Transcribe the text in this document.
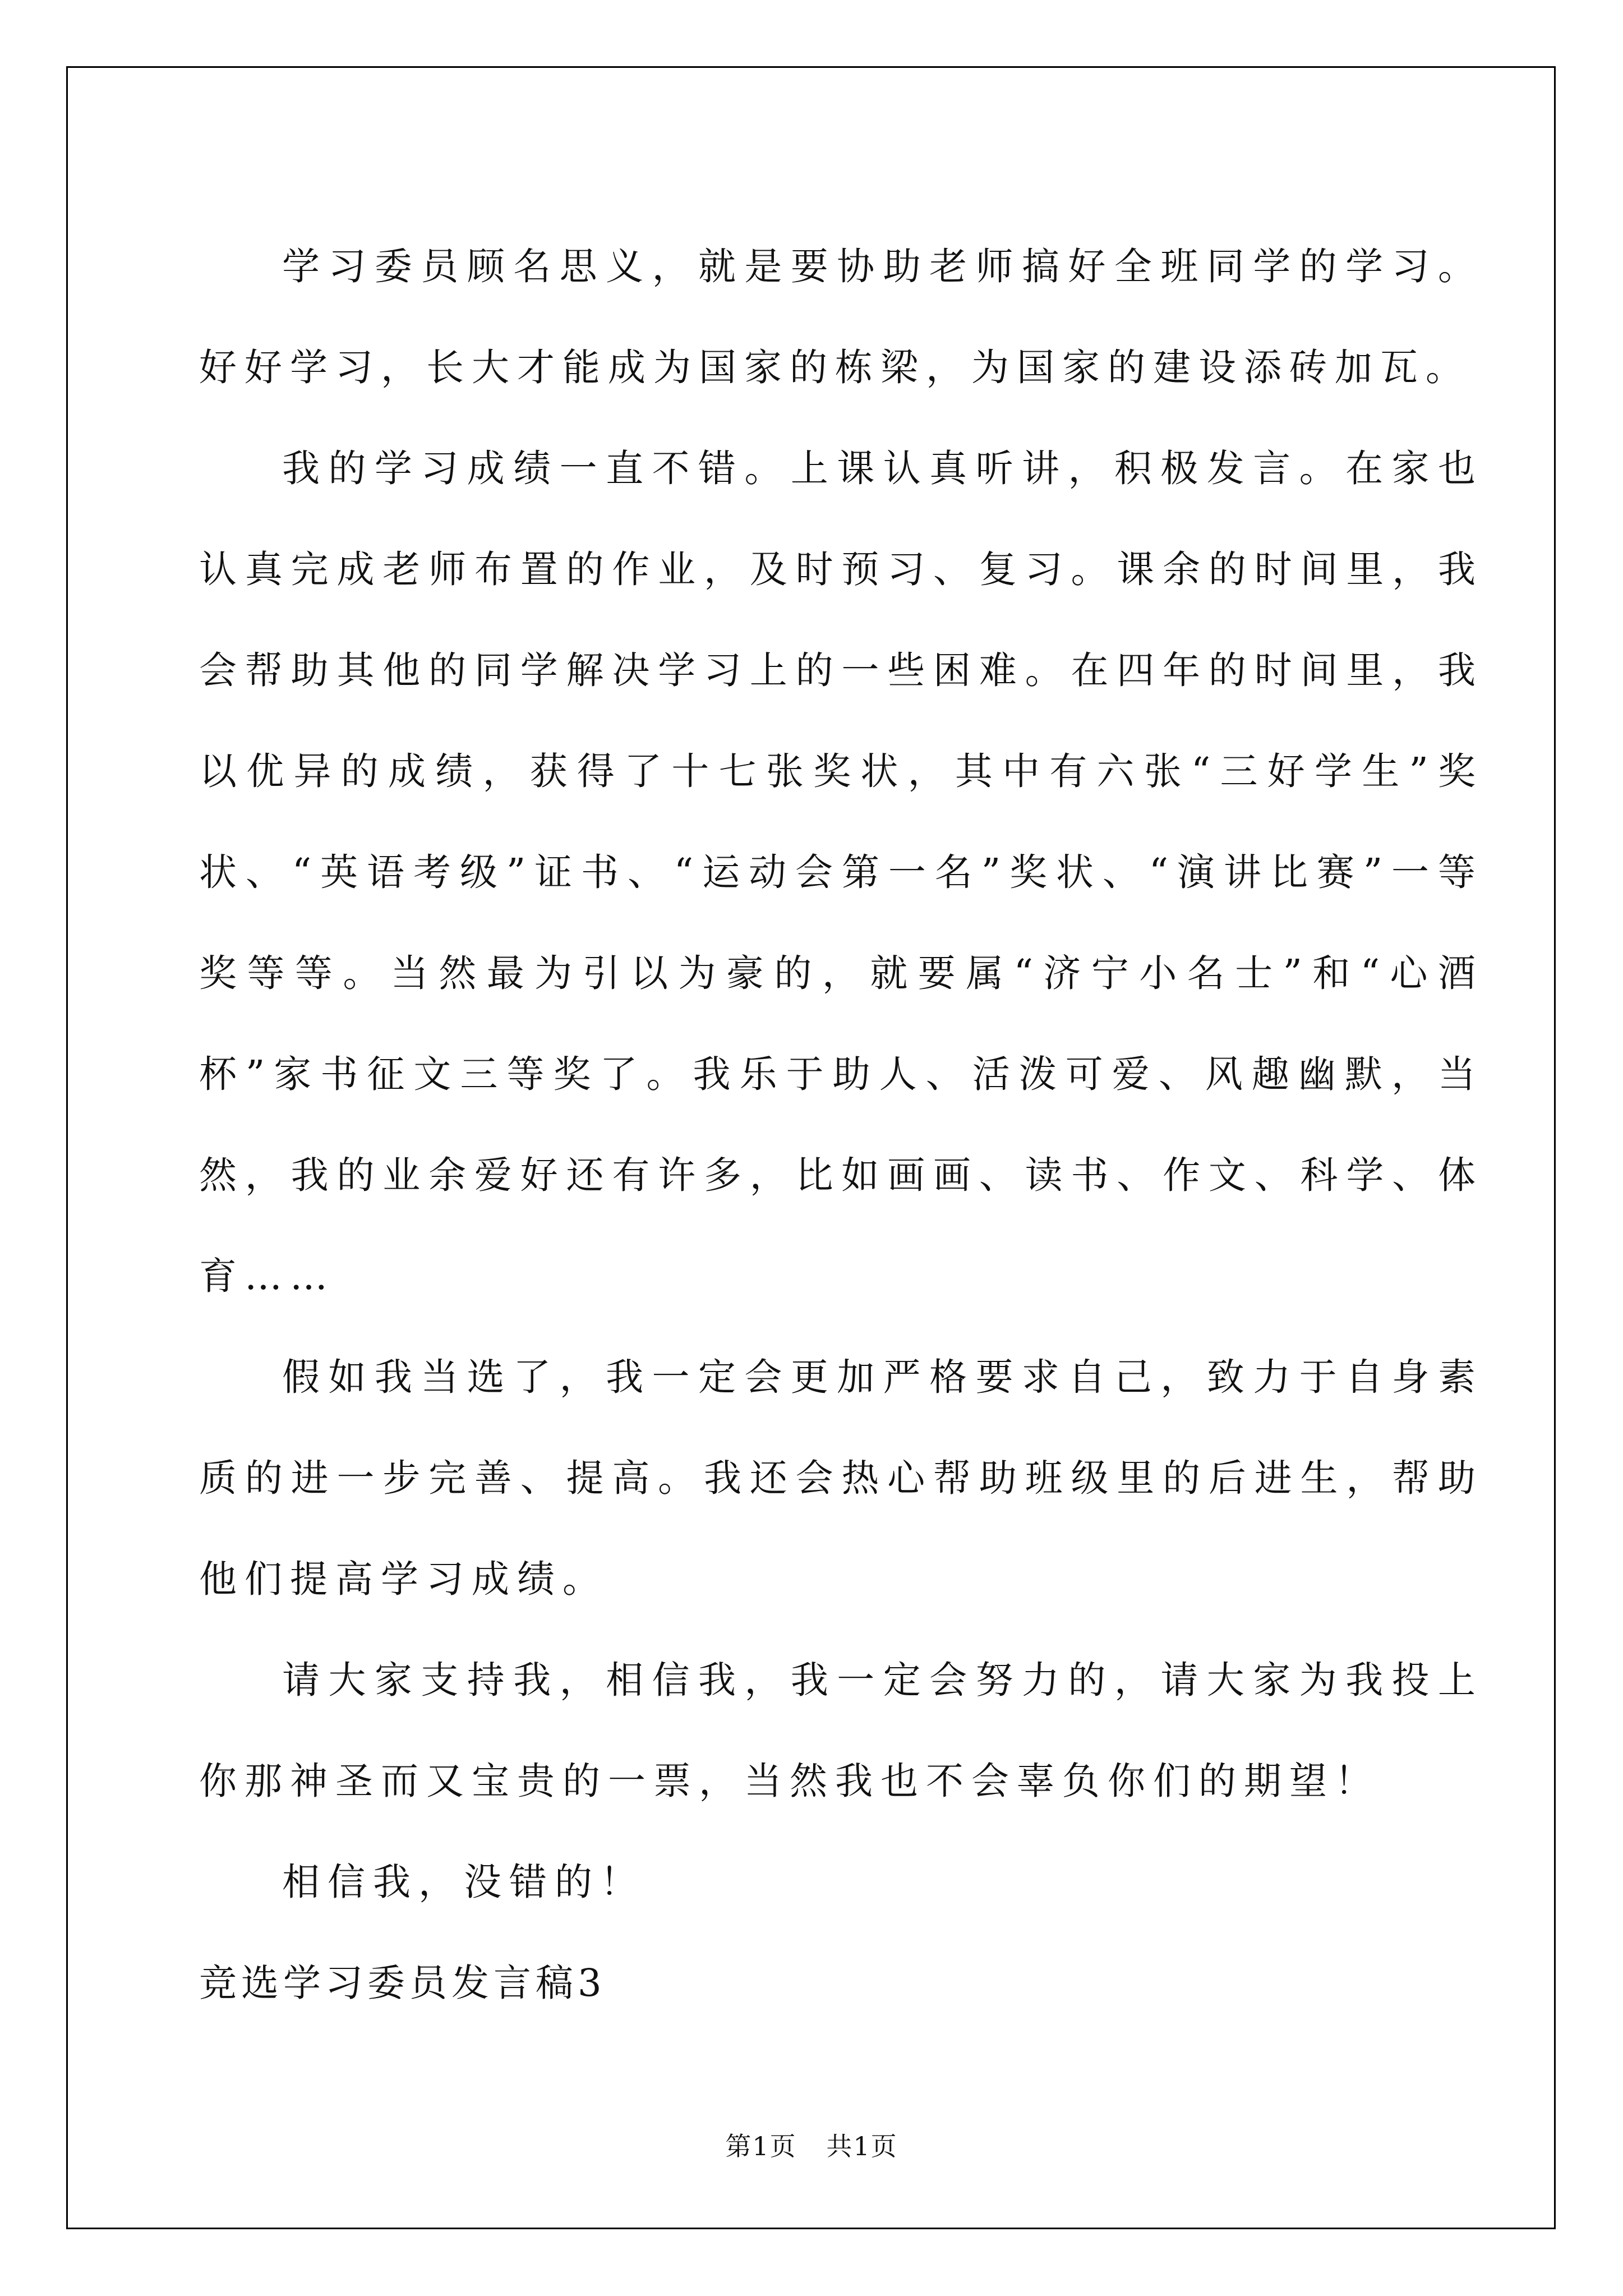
学习委员顾名思义，就是要协助老师搞好全班同学的学习。好好学习，长大才能成为国家的栋梁，为国家的建设添砖加瓦。

我的学习成绩一直不错。上课认真听讲，积极发言。在家也认真完成老师布置的作业，及时预习、复习。课余的时间里，我会帮助其他的同学解决学习上的一些困难。在四年的时间里，我以优异的成绩，获得了十七张奖状，其中有六张“三好学生”奖状、“英语考级”证书、“运动会第一名”奖状、“演讲比赛”一等奖等等。当然最为引以为豪的，就要属“济宁小名士”和“心酒杯”家书征文三等奖了。我乐于助人、活泼可爱、风趣幽默，当然，我的业余爱好还有许多，比如画画、读书、作文、科学、体育……

假如我当选了，我一定会更加严格要求自己，致力于自身素质的进一步完善、提高。我还会热心帮助班级里的后进生，帮助他们提高学习成绩。

请大家支持我，相信我，我一定会努力的，请大家为我投上你那神圣而又宝贵的一票，当然我也不会辜负你们的期望！

相信我，没错的！

竞选学习委员发言稿3
第1页 共1页
